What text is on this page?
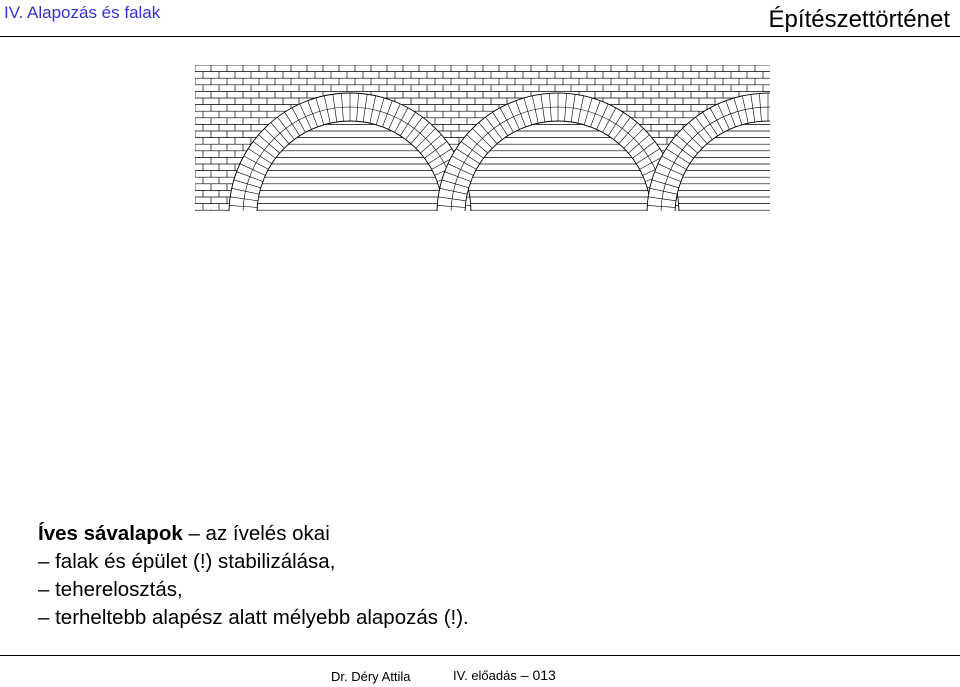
IV. Alapozás és falak	Építészettörténet
Íves sávalapok – az ívelés okai
– falak és épület (!) stabilizálása,
– teherelosztás,
– terheltebb alapész alatt mélyebb alapozás (!).
Dr. Déry Attila	IV. előadás – 013
